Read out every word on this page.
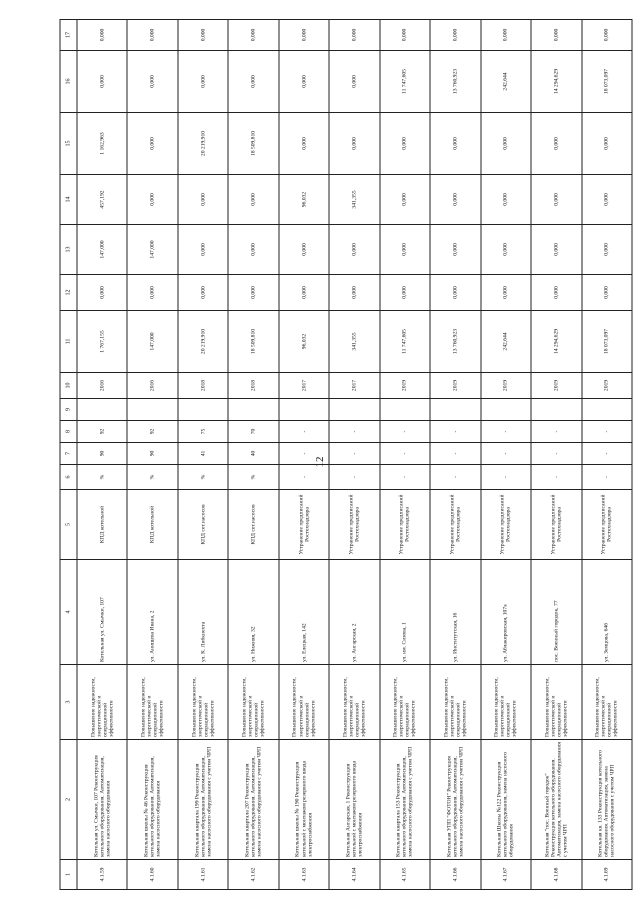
12
1	2	3	4	5	6	7	8	9	10	11	12	13	14	15	16	17
4.1.59	Котельная ул. Смычки, 107 Реконструкция котельного оборудования. Автоматизация, замена насосного оборудования	Повышение надежности, энергетической и операционной эффективности	Котельная ул. Смычки, 107	КПД котельной	%	90	92		2016	1 767,155	0,000	147,000	457,192	1 162,963	0,000	0,000
4.1.60	Котельная школы № 46 Реконструкция котельного оборудования. Автоматизация, замена насосного оборудования	Повышение надежности, энергетической и операционной эффективности	ул. Анищева Ивана, 2	КПД котельной	%	90	92		2016	147,000	0,000	147,000	0,000	0,000	0,000	0,000
4.1.61	Котельная квартала 199 Реконструкция котельного оборудования. Автоматизация, замена насосного оборудования с учетом ЧРП	Повышение надежности, энергетической и операционной эффективности	ул. К. Либкнехта	КПД сет.насосов	%	41	75		2018	20 219,910	0,000	0,000	0,000	20 219,910	0,000	0,000
4.1.62	Котельная квартала 207 Реконструкция котельного оборудования. Автоматизация, замена насосного оборудования с учетом ЧРП	Повышение надежности, энергетической и операционной эффективности	ул. Нижняя, 32	КПД сет.насосов	%	40	70		2018	18 509,810	0,000	0,000	0,000	18 509,810	0,000	0,000
4.1.63	Котельная школы № 190 Реконструкция котельной с монтажом резервного ввода электроснабжения	Повышение надежности, энергетической и операционной эффективности	ул. Елецкая, 142	Устранение предписаний Ростехнадзора	-	-	-		2017	96,032	0,000	0,000	96,032	0,000	0,000	0,000
4.1.64	Котельная Ангарская, 1 Реконструкция котельной с монтажом резервного ввода электроснабжения	Повышение надежности, энергетической и операционной эффективности	ул. Ангарская, 2	Устранение предписаний Ростехнадзора	-	-	-		2017	341,355	0,000	0,000	341,355	0,000	0,000	0,000
4.1.65	Котельная квартала 153 Реконструкция котельного оборудования. Автоматизация, замена насосного оборудования с учетом ЧРП	Повышение надежности, энергетической и операционной эффективности	ул. им. Сизова, 1	Устранение предписаний Ростехнадзора	-	-	-		2019	11 747,605	0,000	0,000	0,000	0,000	11 747,605	0,000
4.1.66	Котельная УПП "ФОТОН" Реконструкция котельного оборудования. Автоматизация, замена насосного оборудования с учетом ЧРП	Повышение надежности, энергетической и операционной эффективности	ул. Институтская, 16	Устранение предписаний Ростехнадзора	-	-	-		2019	13 760,923	0,000	0,000	0,000	0,000	13 760,923	0,000
4.1.67	Котельная Школы №122 Реконструкция котельного оборудования, замена насосного оборудования	Повышение надежности, энергетической и операционной эффективности	ул. Аблакировская, 107а	Устранение предписаний Ростехнадзора	-	-	-		2019	242,644	0,000	0,000	0,000	0,000	242,644	0,000
4.1.68	Котельная "пос. Военный городок" Реконструкция котельного оборудования. Автоматизация, замена насосного оборудования с учетом ЧРП	Повышение надежности, энергетической и операционной эффективности	пос. Военный городок, 77	Устранение предписаний Ростехнадзора	-	-	-		2019	14 294,629	0,000	0,000	0,000	0,000	14 294,629	0,000
4.1.69	Котельная кв. 133 Реконструкция котельного оборудования. Автоматизация, замена насосного оборудования с учетом ЧРП	Повышение надежности, энергетической и операционной эффективности	ул. Земцова, 64б	Устранение предписаний Ростехнадзора	-	-	-		2019	18 073,097	0,000	0,000	0,000	0,000	18 073,097	0,000
